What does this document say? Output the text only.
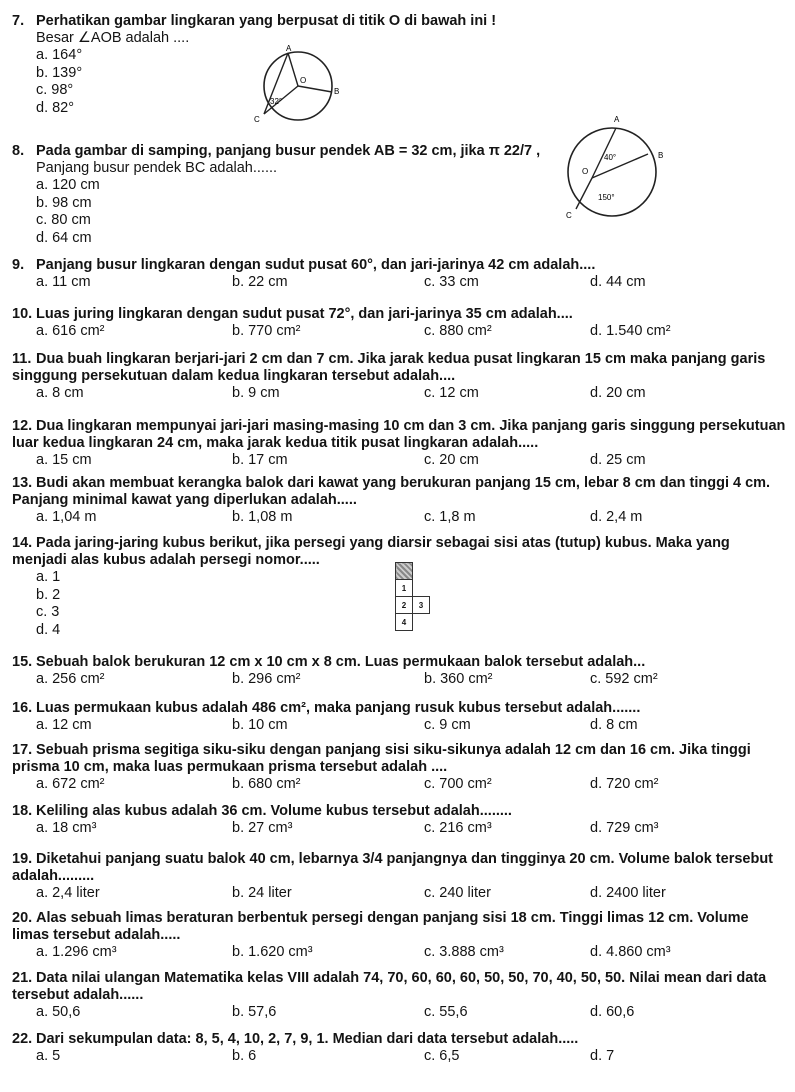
7. Perhatikan gambar lingkaran yang berpusat di titik O di bawah ini !
Besar ∠AOB adalah ....
a. 164°
b. 139°
c. 98°
d. 82°
A
O
B
32°
C
8. Pada gambar di samping, panjang busur pendek AB = 32 cm, jika π 22/7 ,
Panjang busur pendek BC adalah......
a. 120 cm
b. 98 cm
c. 80 cm
d. 64 cm
A
40°	B
O
150°
C
9. Panjang busur lingkaran dengan sudut pusat 60°, dan jari-jarinya 42 cm adalah....
a. 11 cm	b. 22 cm	c. 33 cm	d. 44 cm
10. Luas juring lingkaran dengan sudut pusat 72°, dan jari-jarinya 35 cm adalah....
a. 616 cm²	b. 770 cm²	c. 880 cm²	d. 1.540 cm²
11. Dua buah lingkaran berjari-jari 2 cm dan 7 cm. Jika jarak kedua pusat lingkaran 15 cm maka panjang garis singgung persekutuan dalam kedua lingkaran tersebut adalah....
a. 8 cm	b. 9 cm	c. 12 cm	d. 20 cm
12. Dua lingkaran mempunyai jari-jari masing-masing 10 cm dan 3 cm. Jika panjang garis singgung persekutuan luar kedua lingkaran 24 cm, maka jarak kedua titik pusat lingkaran adalah.....
a. 15 cm	b. 17 cm	c. 20 cm	d. 25 cm
13. Budi akan membuat kerangka balok dari kawat yang berukuran panjang 15 cm, lebar 8 cm dan tinggi 4 cm. Panjang minimal kawat yang diperlukan adalah.....
a. 1,04 m	b. 1,08 m	c. 1,8 m	d. 2,4 m
14. Pada jaring-jaring kubus berikut, jika persegi yang diarsir sebagai sisi atas (tutup) kubus. Maka yang menjadi alas kubus adalah persegi nomor.....
a. 1
b. 2
c. 3
d. 4

1	
2	3
4	
15. Sebuah balok berukuran 12 cm x 10 cm x 8 cm. Luas permukaan balok tersebut adalah...
a. 256 cm²	b. 296 cm²	b. 360 cm²	c. 592 cm²
16. Luas permukaan kubus adalah 486 cm², maka panjang rusuk kubus tersebut adalah.......
a. 12 cm	b. 10 cm	c. 9 cm	d. 8 cm
17. Sebuah prisma segitiga siku-siku dengan panjang sisi siku-sikunya adalah 12 cm dan 16 cm. Jika tinggi prisma 10 cm, maka luas permukaan prisma tersebut adalah ....
a. 672 cm²	b. 680 cm²	c. 700 cm²	d. 720 cm²
18. Keliling alas kubus adalah 36 cm. Volume kubus tersebut adalah........
a. 18 cm³	b. 27 cm³	c. 216 cm³	d. 729 cm³
19. Diketahui panjang suatu balok 40 cm, lebarnya 3/4 panjangnya dan tingginya 20 cm. Volume balok tersebut adalah.........
a. 2,4 liter	b. 24 liter	c. 240 liter	d. 2400 liter
20. Alas sebuah limas beraturan berbentuk persegi dengan panjang sisi 18 cm. Tinggi limas 12 cm. Volume limas tersebut adalah.....
a. 1.296 cm³	b. 1.620 cm³	c. 3.888 cm³	d. 4.860 cm³
21. Data nilai ulangan Matematika kelas VIII adalah 74, 70, 60, 60, 60, 50, 50, 70, 40, 50, 50. Nilai mean dari data tersebut adalah......
a. 50,6	b. 57,6	c. 55,6	d. 60,6
22. Dari sekumpulan data: 8, 5, 4, 10, 2, 7, 9, 1. Median dari data tersebut adalah.....
a. 5	b. 6	c. 6,5	d. 7
